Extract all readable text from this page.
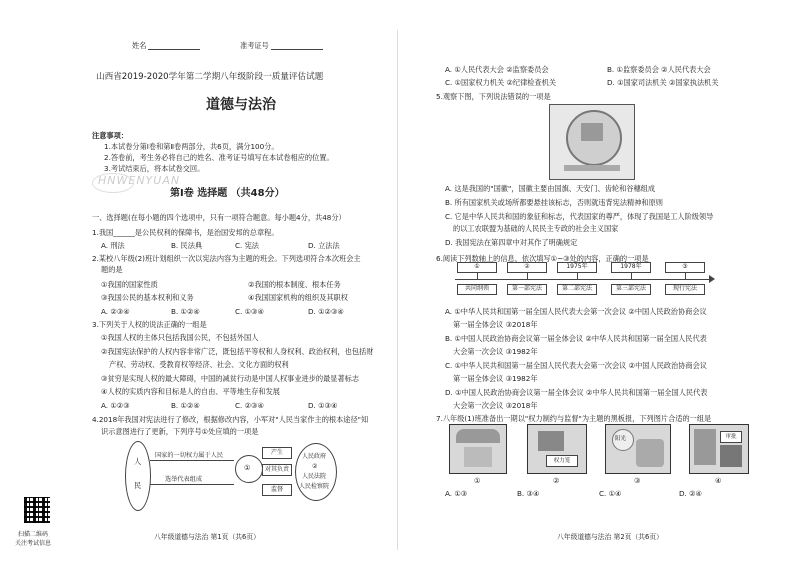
姓名	准考证号
山西省2019-2020学年第二学期八年级阶段一质量评估试题
道德与法治
注意事项：
1.本试卷分第Ⅰ卷和第Ⅱ卷两部分，共6页，满分100分。
2.答卷前，考生务必将自己的姓名、准考证号填写在本试卷相应的位置。
3.考试结束后，将本试卷交回。
HNWENYUAN
第Ⅰ卷 选择题 （共48分）
一、选择题(在每小题的四个选项中，只有一项符合题意。每小题4分，共48分）
1.我国______是公民权利的保障书，是治国安邦的总章程。
A. 刑法	B. 民法典	C. 宪法	D. 立法法
2.某校八年级(2)班计划组织一次以宪法内容为主题的班会。下列选项符合本次班会主
题的是
①我国的国家性质	②我国的根本制度、根本任务
③我国公民的基本权利和义务	④我国国家机构的组织及其职权
A. ②③④	B. ①②④	C. ①③④	D. ①②③④
3.下列关于人权的说法正确的一组是
①我国人权的主体只包括我国公民，不包括外国人
②我国宪法保护的人权内容非常广泛，既包括平等权和人身权利、政治权利，也包括财
产权、劳动权、受教育权等经济、社会、文化方面的权利
③贫穷是实现人权的最大障碍，中国的减贫行动是中国人权事业进步的最显著标志
④人权的实质内容和目标是人的自由、平等地生存和发展
A. ①②③	B. ①②④	C. ②③④	D. ①③④
4.2018年我国对宪法进行了修改，根据修改内容，小军对"人民当家作主的根本途径"知
识示意图进行了更新，下列序号①处应填的一项是
人
民
国家的一切权力属于人民
选举代表组成
①
产生
对其负责
监督
人民政府
②
人民法院
人民检察院
扫描二维码
关注考试信息
八年级道德与法治 第1页（共6页）
A. ①人民代表大会 ②监察委员会	B. ①监察委员会 ②人民代表大会
C. ①国家权力机关 ②纪律检查机关	D. ①国家司法机关 ②国家执法机关
5.观察下图，下列说法错误的一项是
A. 这是我国的"国徽"，国徽主要由国旗、天安门、齿轮和谷穗组成
B. 所有国家机关或场所都要悬挂该标志，否则就违背宪法精神和原则
C. 它是中华人民共和国的象征和标志，代表国家的尊严，体现了我国是工人阶级领导
的以工农联盟为基础的人民民主专政的社会主义国家
D. 我国宪法在第四章中对其作了明确规定
6.阅读下列数轴上的信息，依次填写①~③处的内容，正确的一项是
①
共同纲领
②
第一部宪法
1975年
第二部宪法
1978年
第三部宪法
③
现行宪法
A. ①中华人民共和国第一届全国人民代表大会第一次会议 ②中国人民政治协商会议
第一届全体会议 ③2018年
B. ①中国人民政治协商会议第一届全体会议 ②中华人民共和国第一届全国人民代表
大会第一次会议 ③1982年
C. ①中华人民共和国第一届全国人民代表大会第一次会议 ②中国人民政治协商会议
第一届全体会议 ③1982年
D. ①中国人民政治协商会议第一届全体会议 ②中华人民共和国第一届全国人民代表
大会第一次会议 ③2018年
7.八年级(1)班准备出一期以"权力制约与监督"为主题的黑板报，下列图片合适的一组是
权力笼
阳光	审批
①	②	③	④
A. ①③	B. ③④	C. ①④	D. ②④
八年级道德与法治 第2页（共6页）
